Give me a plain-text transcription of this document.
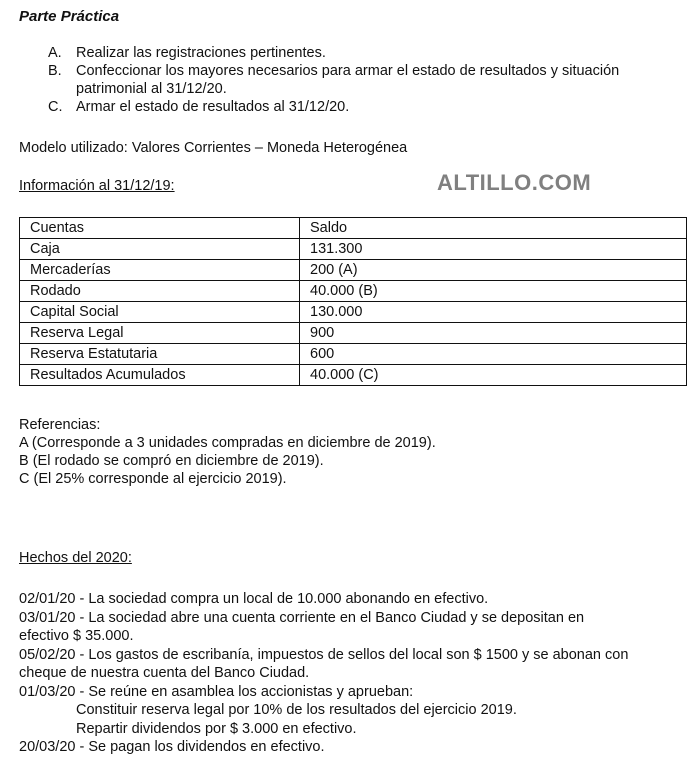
Parte Práctica
A. Realizar las registraciones pertinentes.
B. Confeccionar los mayores necesarios para armar el estado de resultados y situación patrimonial al 31/12/20.
C. Armar el estado de resultados al 31/12/20.
Modelo utilizado: Valores Corrientes – Moneda Heterogénea
Información al 31/12/19:	ALTILLO.COM
Cuentas	Saldo
Caja	131.300
Mercaderías	200 (A)
Rodado	40.000 (B)
Capital Social	130.000
Reserva Legal	900
Reserva Estatutaria	600
Resultados Acumulados	40.000 (C)
Referencias:
A (Corresponde a 3 unidades compradas en diciembre de 2019).
B (El rodado se compró en diciembre de 2019).
C (El 25% corresponde al ejercicio 2019).
Hechos del 2020:
02/01/20 - La sociedad compra un local de 10.000 abonando en efectivo.
03/01/20 - La sociedad abre una cuenta corriente en el Banco Ciudad y se depositan en
efectivo $ 35.000.
05/02/20 - Los gastos de escribanía, impuestos de sellos del local son $ 1500 y se abonan con
cheque de nuestra cuenta del Banco Ciudad.
01/03/20 - Se reúne en asamblea los accionistas y aprueban:
Constituir reserva legal por 10% de los resultados del ejercicio 2019.
Repartir dividendos por $ 3.000 en efectivo.
20/03/20 - Se pagan los dividendos en efectivo.
